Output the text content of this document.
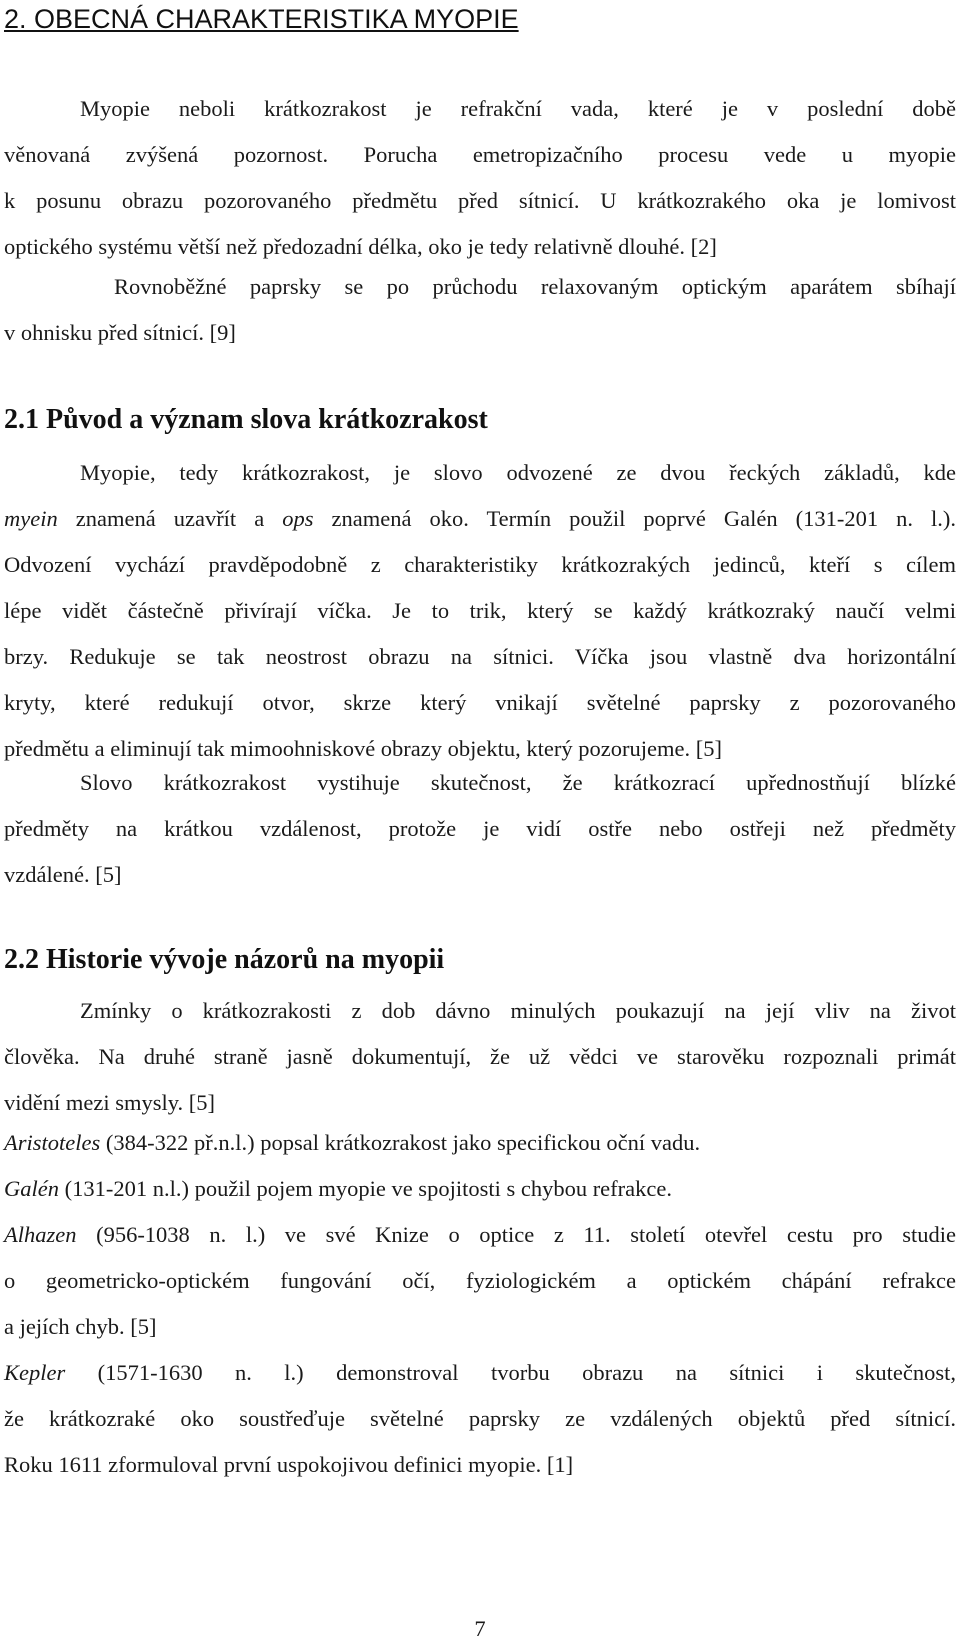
2. OBECNÁ CHARAKTERISTIKA MYOPIE
Myopie neboli krátkozrakost je refrakční vada, které je v poslední době
věnovaná zvýšená pozornost. Porucha emetropizačního procesu vede u myopie
k posunu obrazu pozorovaného předmětu před sítnicí. U krátkozrakého oka je lomivost
optického systému větší než předozadní délka, oko je tedy relativně dlouhé. [2]
Rovnoběžné paprsky se po průchodu relaxovaným optickým aparátem sbíhají
v ohnisku před sítnicí. [9]
2.1 Původ a význam slova krátkozrakost
Myopie, tedy krátkozrakost, je slovo odvozené ze dvou řeckých základů, kde
myein znamená uzavřít a ops znamená oko. Termín použil poprvé Galén (131-201 n. l.).
Odvození vychází pravděpodobně z charakteristiky krátkozrakých jedinců, kteří s cílem
lépe vidět částečně přivírají víčka. Je to trik, který se každý krátkozraký naučí velmi
brzy. Redukuje se tak neostrost obrazu na sítnici. Víčka jsou vlastně dva horizontální
kryty, které redukují otvor, skrze který vnikají světelné paprsky z pozorovaného
předmětu a eliminují tak mimoohniskové obrazy objektu, který pozorujeme. [5]
Slovo krátkozrakost vystihuje skutečnost, že krátkozrací upřednostňují blízké
předměty na krátkou vzdálenost, protože je vidí ostře nebo ostřeji než předměty
vzdálené. [5]
2.2 Historie vývoje názorů na myopii
Zmínky o krátkozrakosti z dob dávno minulých poukazují na její vliv na život
člověka. Na druhé straně jasně dokumentují, že už vědci ve starověku rozpoznali primát
vidění mezi smysly. [5]
Aristoteles (384-322 př.n.l.) popsal krátkozrakost jako specifickou oční vadu.
Galén (131-201 n.l.) použil pojem myopie ve spojitosti s chybou refrakce.
Alhazen (956-1038 n. l.) ve své Knize o optice z 11. století otevřel cestu pro studie
o geometricko-optickém fungování očí, fyziologickém a optickém chápání refrakce
a jejích chyb. [5]
Kepler (1571-1630 n. l.) demonstroval tvorbu obrazu na sítnici i skutečnost,
že krátkozraké oko soustřeďuje světelné paprsky ze vzdálených objektů před sítnicí.
Roku 1611 zformuloval první uspokojivou definici myopie. [1]
7
